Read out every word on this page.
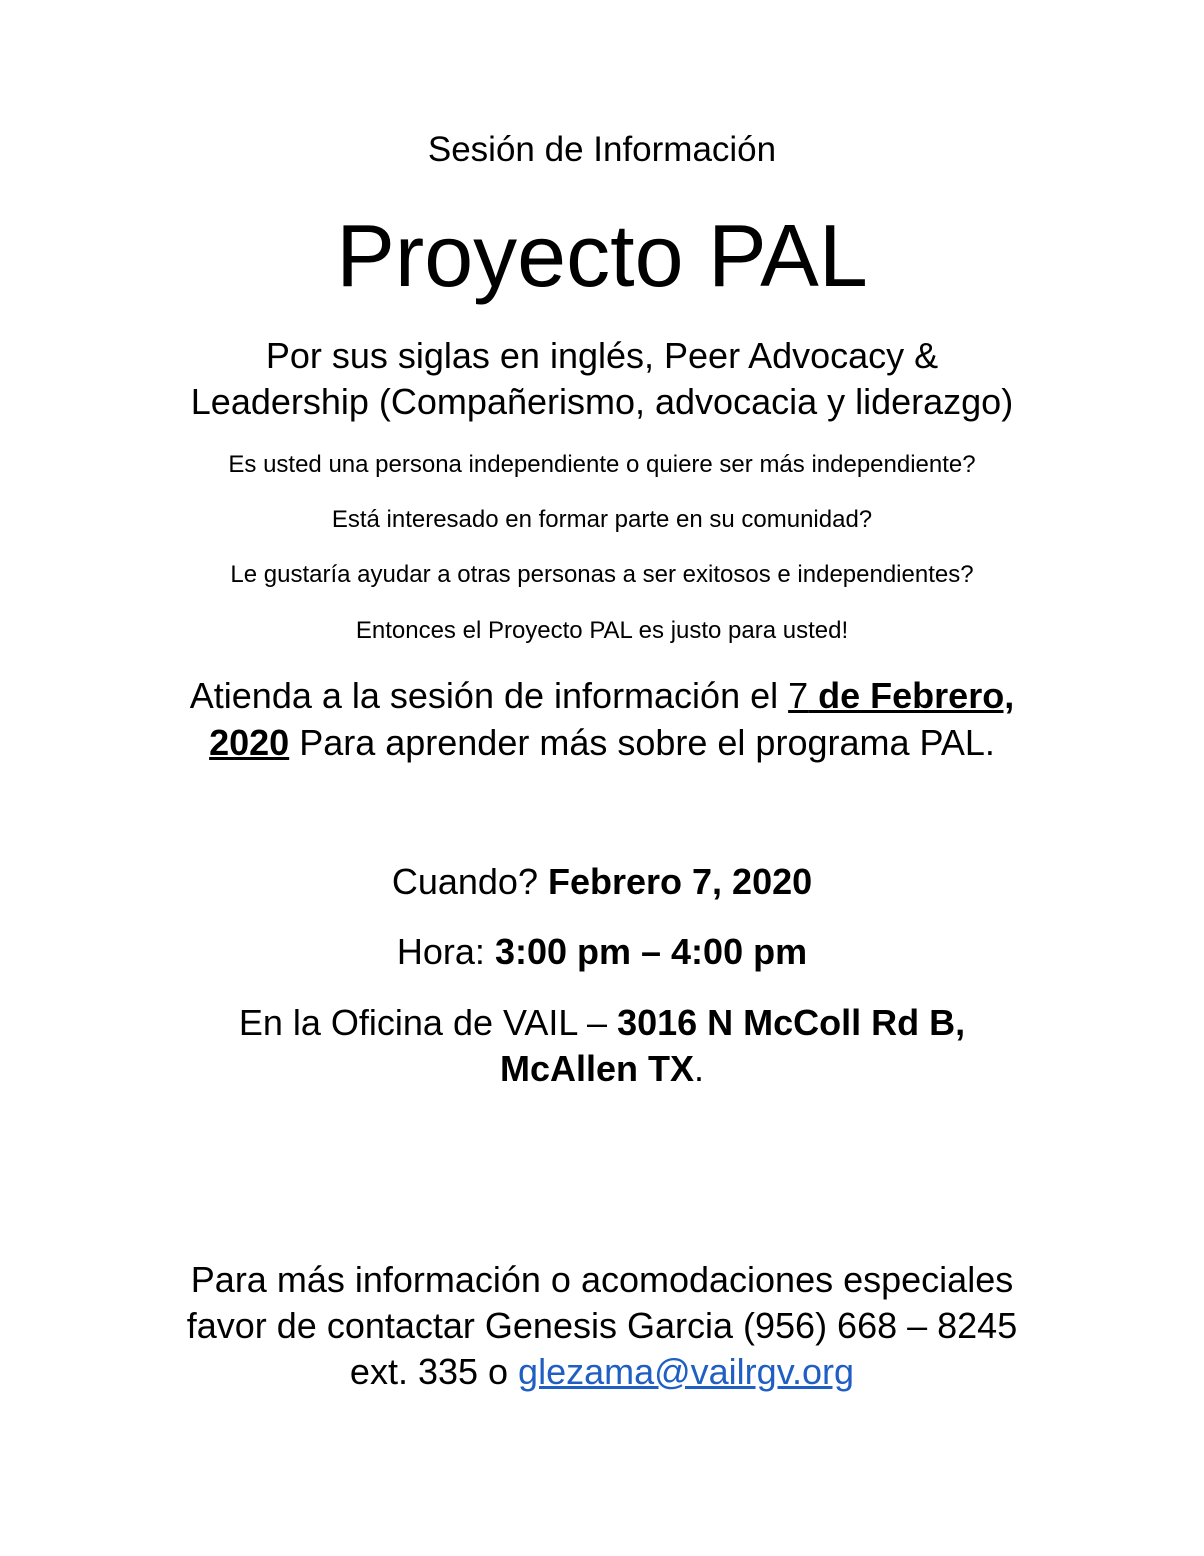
Sesión de Información
Proyecto PAL
Por sus siglas en inglés, Peer Advocacy &
Leadership (Compañerismo, advocacia y liderazgo)
Es usted una persona independiente o quiere ser más independiente?
Está interesado en formar parte en su comunidad?
Le gustaría ayudar a otras personas a ser exitosos e independientes?
Entonces el Proyecto PAL es justo para usted!
Atienda a la sesión de información el 7 de Febrero,
2020 Para aprender más sobre el programa PAL.
Cuando? Febrero 7, 2020
Hora: 3:00 pm – 4:00 pm
En la Oficina de VAIL – 3016 N McColl Rd B,
McAllen TX.
Para más información o acomodaciones especiales
favor de contactar Genesis Garcia (956) 668 – 8245
ext. 335 o glezama@vailrgv.org
